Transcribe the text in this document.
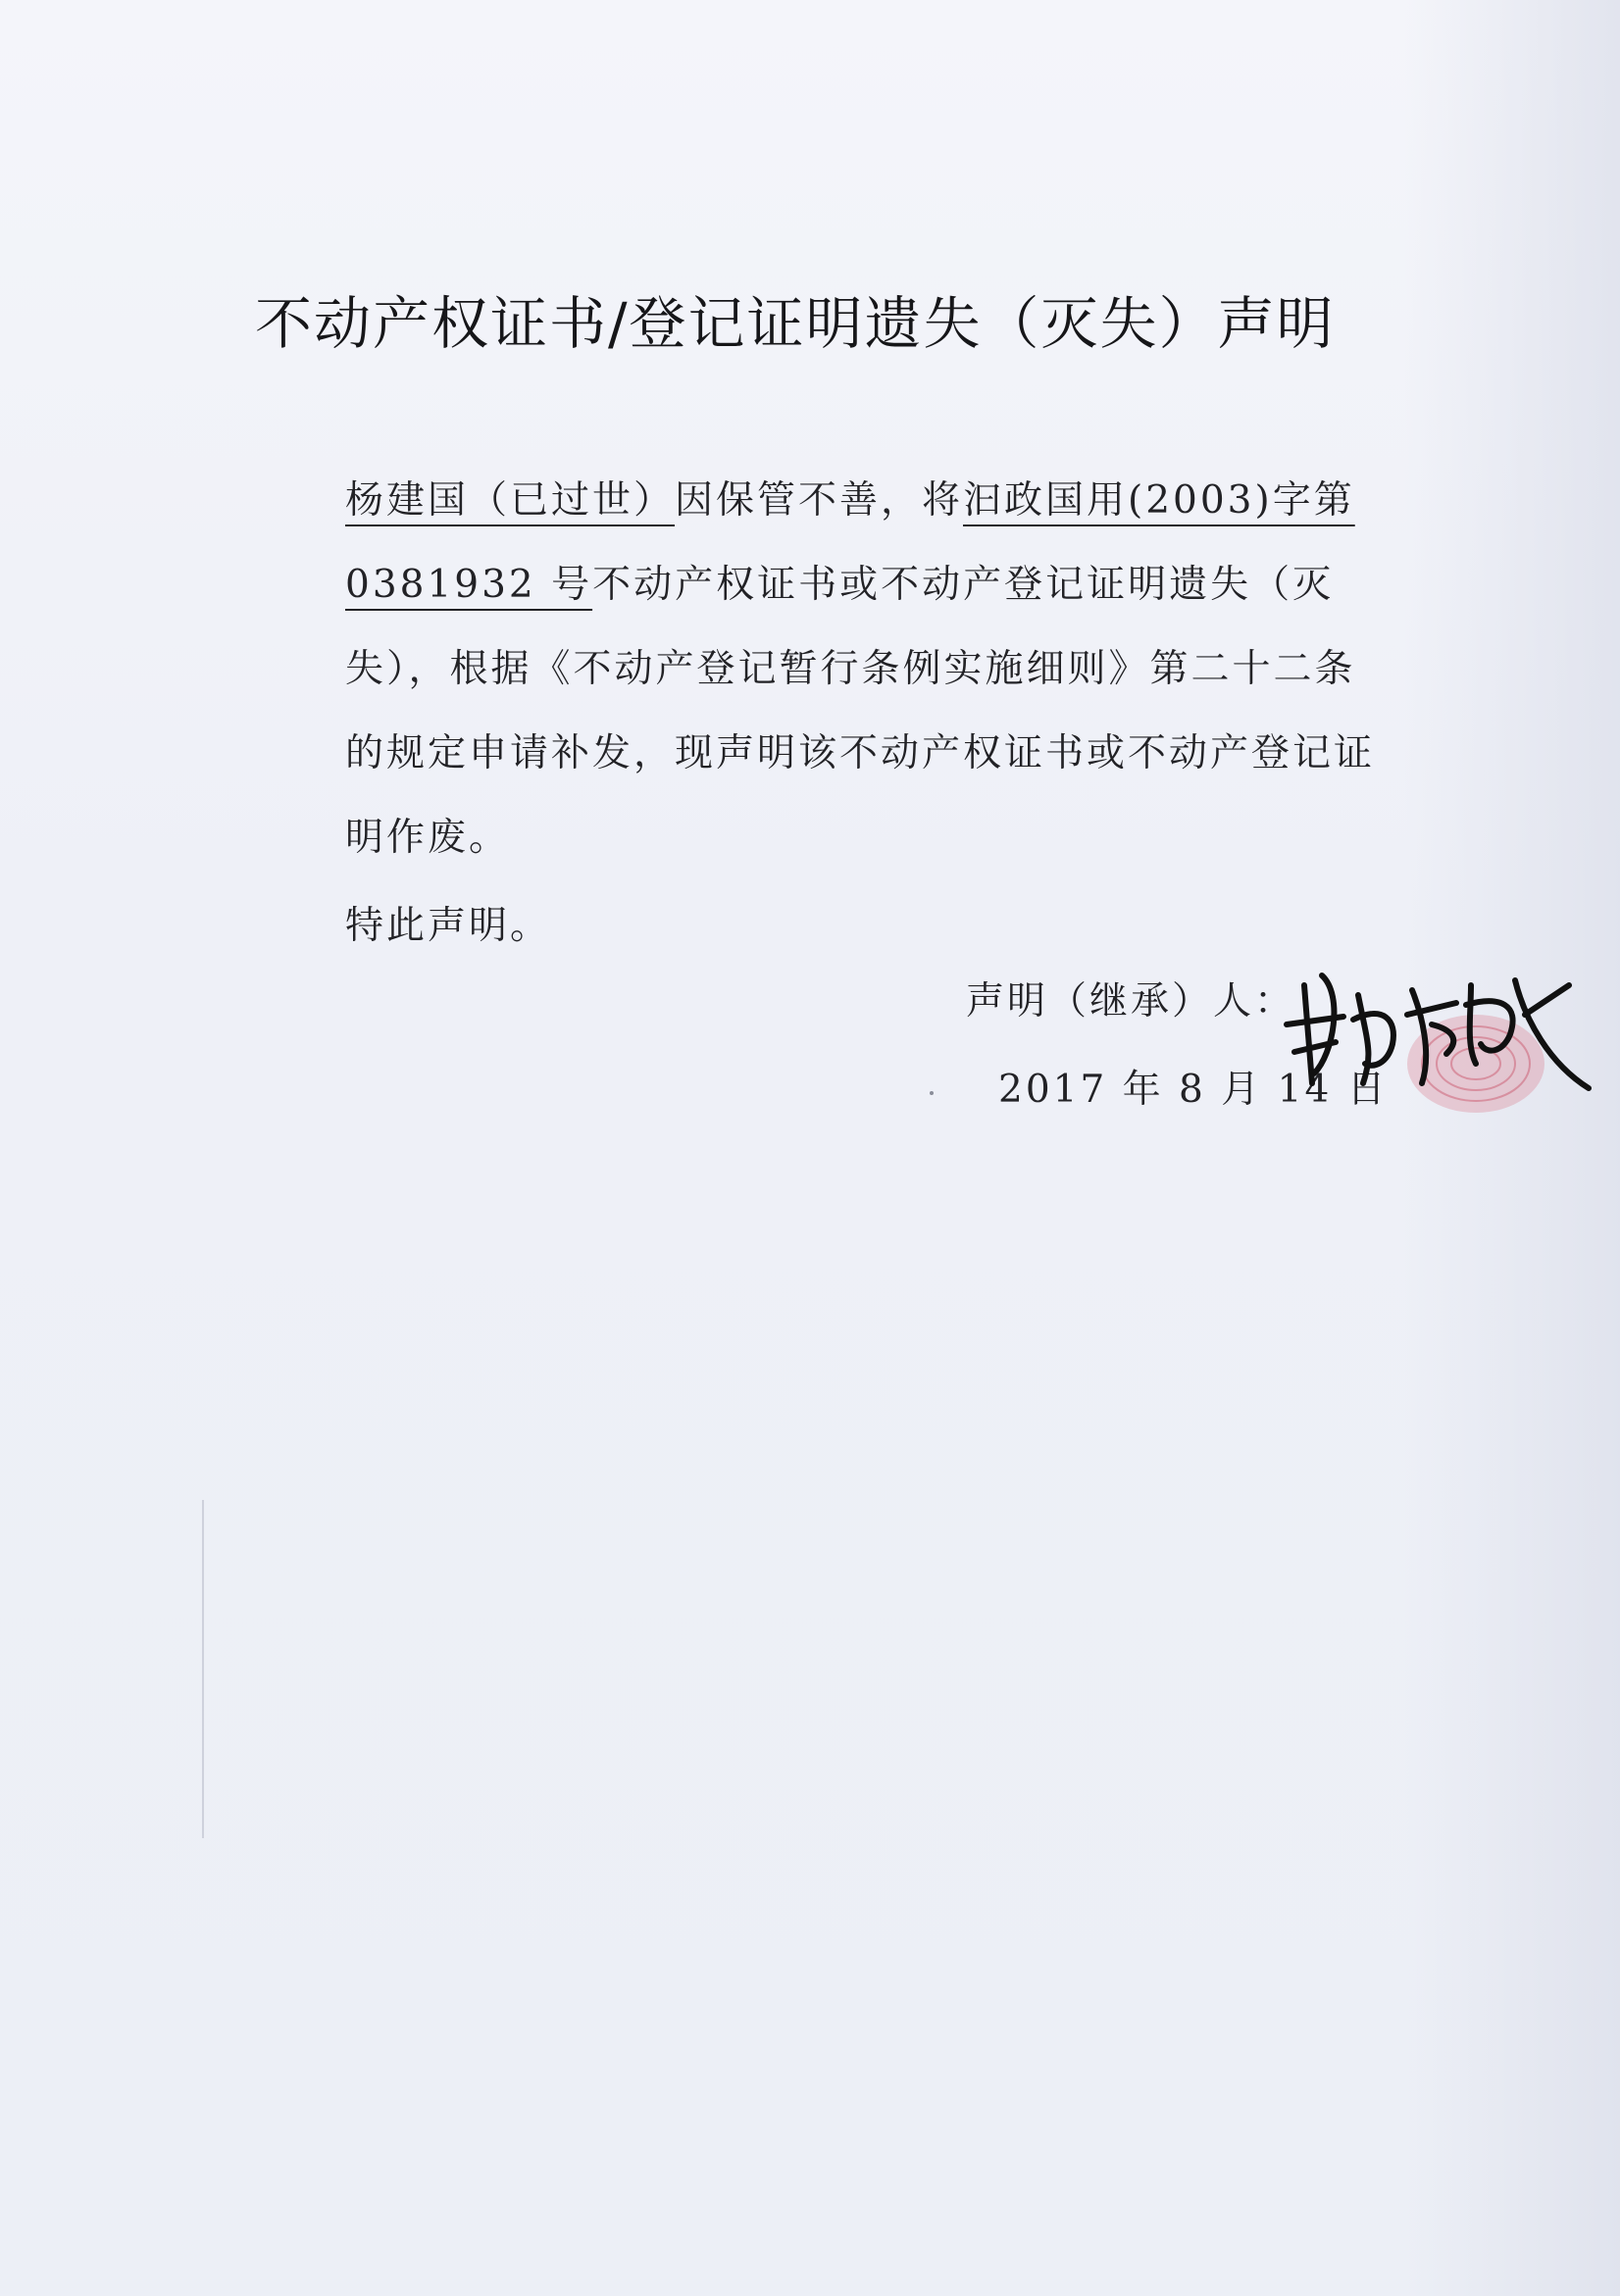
不动产权证书/登记证明遗失（灭失）声明

杨建国（已过世）因保管不善，将汩政国用(2003)字第0381932 号不动产权证书或不动产登记证明遗失（灭失），根据《不动产登记暂行条例实施细则》第二十二条的规定申请补发，现声明该不动产权证书或不动产登记证明作废。

特此声明。

声明（继承）人：
2017 年 8 月 14 日
